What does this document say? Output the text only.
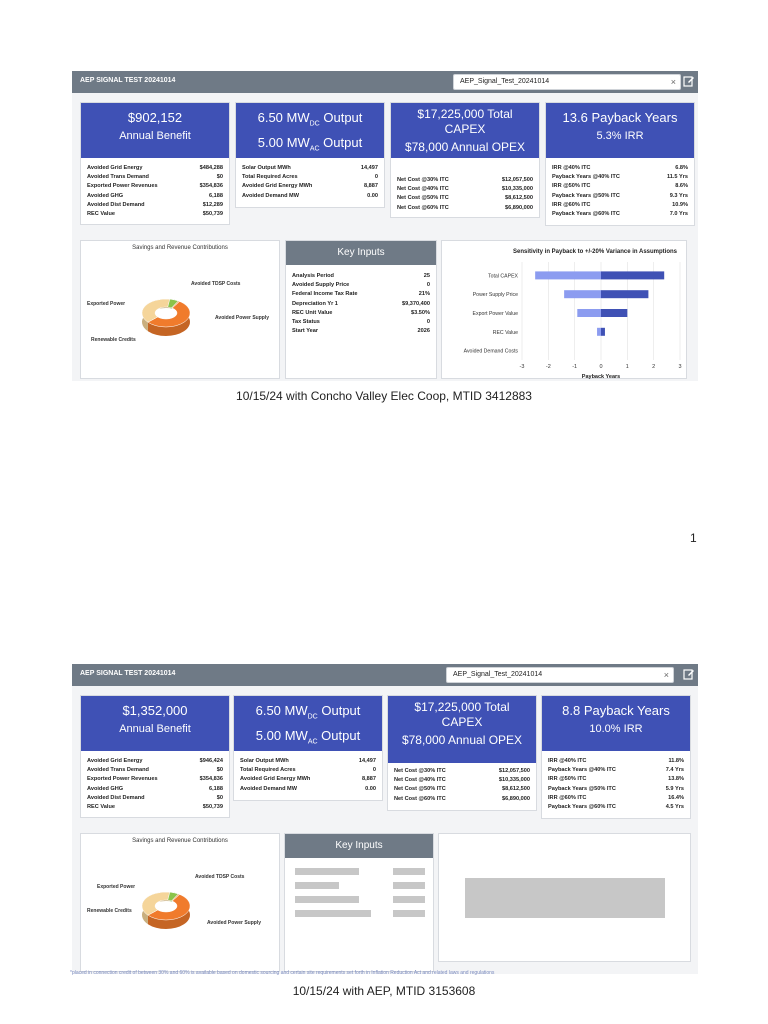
AEP SIGNAL TEST 20241014	AEP_Signal_Test_20241014	×
$902,152
Annual Benefit
Avoided Grid Energy	$484,288
Avoided Trans Demand	$0
Exported Power Revenues	$354,836
Avoided GHG	6,188
Avoided Dist Demand	$12,289
REC Value	$50,739
6.50 $MW_{DC}$ Output
5.00 $MW_{AC}$ Output
Solar Output MWh	14,497
Total Required Acres	0
Avoided Grid Energy MWh	8,887
Avoided Demand MW	0.00
$17,225,000 Total
CAPEX
$78,000 Annual OPEX
Net Cost @30% ITC	$12,057,500
Net Cost @40% ITC	$10,335,000
Net Cost @50% ITC	$8,612,500
Net Cost @60% ITC	$6,890,000
13.6 Payback Years
5.3% IRR
IRR @40% ITC	6.8%
Payback Years @40% ITC	11.5 Yrs
IRR @50% ITC	8.6%
Payback Years @50% ITC	9.3 Yrs
IRR @60% ITC	10.9%
Payback Years @60% ITC	7.0 Yrs
Savings and Revenue Contributions
Avoided TDSP Costs
Exported Power
Avoided Power Supply
Renewable Credits
Key Inputs
Analysis Period	25
Avoided Supply Price	0
Federal Income Tax Rate	21%
Depreciation Yr 1	$9,370,400
REC Unit Value	$3.50%
Tax Status	0
Start Year	2026
Sensitivity in Payback to +/-20% Variance in Assumptions
-3	-2	-1	0	1	2	3
Payback Years
Total CAPEX
Power Supply Price
Export Power Value
REC Value
Avoided Demand Costs
10/15/24 with Concho Valley Elec Coop, MTID 3412883
1
AEP SIGNAL TEST 20241014	AEP_Signal_Test_20241014	×
$1,352,000
Annual Benefit
Avoided Grid Energy	$946,424
Avoided Trans Demand	$0
Exported Power Revenues	$354,836
Avoided GHG	6,188
Avoided Dist Demand	$0
REC Value	$50,739
6.50 $MW_{DC}$ Output
5.00 $MW_{AC}$ Output
Solar Output MWh	14,497
Total Required Acres	0
Avoided Grid Energy MWh	8,887
Avoided Demand MW	0.00
$17,225,000 Total
CAPEX
$78,000 Annual OPEX
Net Cost @30% ITC	$12,057,500
Net Cost @40% ITC	$10,335,000
Net Cost @50% ITC	$8,612,500
Net Cost @60% ITC	$6,890,000
8.8 Payback Years
10.0% IRR
IRR @40% ITC	11.8%
Payback Years @40% ITC	7.4 Yrs
IRR @50% ITC	13.8%
Payback Years @50% ITC	5.9 Yrs
IRR @60% ITC	16.4%
Payback Years @60% ITC	4.5 Yrs
Savings and Revenue Contributions
Avoided TDSP Costs
Exported Power
Renewable Credits
Avoided Power Supply
Key Inputs
*placed in connection credit of between 30% and 60% is available based on domestic sourcing and certain site requirements set forth in Inflation Reduction Act and related laws and regulations
10/15/24 with AEP, MTID 3153608
